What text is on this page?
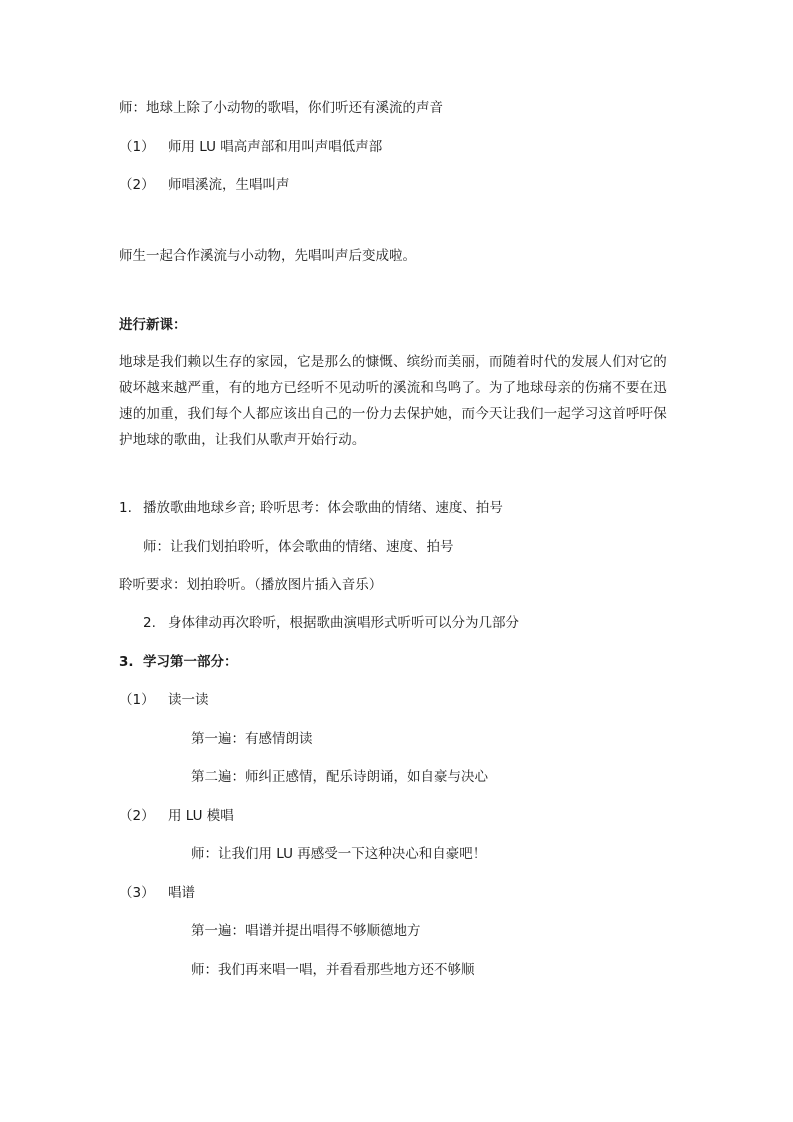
师：地球上除了小动物的歌唱，你们听还有溪流的声音
（1） 师用 LU 唱高声部和用叫声唱低声部
（2） 师唱溪流，生唱叫声
师生一起合作溪流与小动物，先唱叫声后变成啦。
进行新课：
地球是我们赖以生存的家园，它是那么的慷慨、缤纷而美丽，而随着时代的发展人们对它的破坏越来越严重，有的地方已经听不见动听的溪流和鸟鸣了。为了地球母亲的伤痛不要在迅速的加重，我们每个人都应该出自己的一份力去保护她，而今天让我们一起学习这首呼吁保护地球的歌曲，让我们从歌声开始行动。
1. 播放歌曲地球乡音; 聆听思考：体会歌曲的情绪、速度、拍号
师：让我们划拍聆听，体会歌曲的情绪、速度、拍号
聆听要求：划拍聆听。（播放图片插入音乐）
2. 身体律动再次聆听，根据歌曲演唱形式听听可以分为几部分
3. 学习第一部分：
（1） 读一读
第一遍：有感情朗读
第二遍：师纠正感情，配乐诗朗诵，如自豪与决心
（2） 用 LU 模唱
师：让我们用 LU 再感受一下这种决心和自豪吧！
（3） 唱谱
第一遍：唱谱并提出唱得不够顺德地方
师：我们再来唱一唱，并看看那些地方还不够顺
